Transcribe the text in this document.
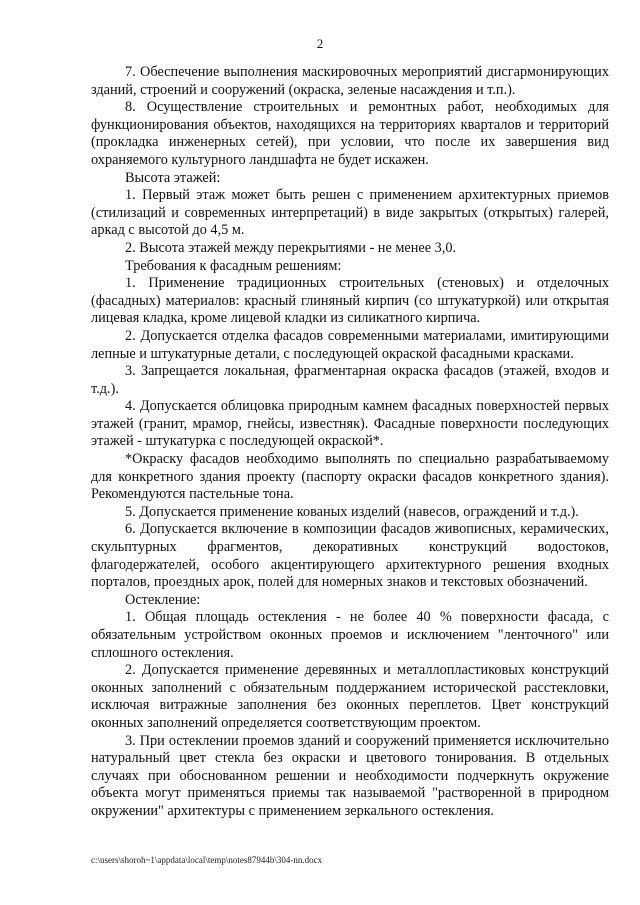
2

7. Обеспечение выполнения маскировочных мероприятий дисгармонирующих зданий, строений и сооружений (окраска, зеленые насаждения и т.п.).

8. Осуществление строительных и ремонтных работ, необходимых для функционирования объектов, находящихся на территориях кварталов и территорий (прокладка инженерных сетей), при условии, что после их завершения вид охраняемого культурного ландшафта не будет искажен.

Высота этажей:

1. Первый этаж может быть решен с применением архитектурных приемов (стилизаций и современных интерпретаций) в виде закрытых (открытых) галерей, аркад с высотой до 4,5 м.

2. Высота этажей между перекрытиями - не менее 3,0.

Требования к фасадным решениям:

1. Применение традиционных строительных (стеновых) и отделочных (фасадных) материалов: красный глиняный кирпич (со штукатуркой) или открытая лицевая кладка, кроме лицевой кладки из силикатного кирпича.

2. Допускается отделка фасадов современными материалами, имитирующими лепные и штукатурные детали, с последующей окраской фасадными красками.

3. Запрещается локальная, фрагментарная окраска фасадов (этажей, входов и т.д.).

4. Допускается облицовка природным камнем фасадных поверхностей первых этажей (гранит, мрамор, гнейсы, известняк). Фасадные поверхности последующих этажей - штукатурка с последующей окраской*.

*Окраску фасадов необходимо выполнять по специально разрабатываемому для конкретного здания проекту (паспорту окраски фасадов конкретного здания). Рекомендуются пастельные тона.

5. Допускается применение кованых изделий (навесов, ограждений и т.д.).

6. Допускается включение в композиции фасадов живописных, керамических, скульптурных фрагментов, декоративных конструкций водостоков, флагодержателей, особого акцентирующего архитектурного решения входных порталов, проездных арок, полей для номерных знаков и текстовых обозначений.

Остекление:

1. Общая площадь остекления - не более 40 % поверхности фасада, с обязательным устройством оконных проемов и исключением "ленточного" или сплошного остекления.

2. Допускается применение деревянных и металлопластиковых конструкций оконных заполнений с обязательным поддержанием исторической расстекловки, исключая витражные заполнения без оконных переплетов. Цвет конструкций оконных заполнений определяется соответствующим проектом.

3. При остеклении проемов зданий и сооружений применяется исключительно натуральный цвет стекла без окраски и цветового тонирования. В отдельных случаях при обоснованном решении и необходимости подчеркнуть окружение объекта могут применяться приемы так называемой "растворенной в природном окружении" архитектуры с применением зеркального остекления.

c:\users\shoroh~1\appdata\local\temp\notes87944b\304-nn.docx
